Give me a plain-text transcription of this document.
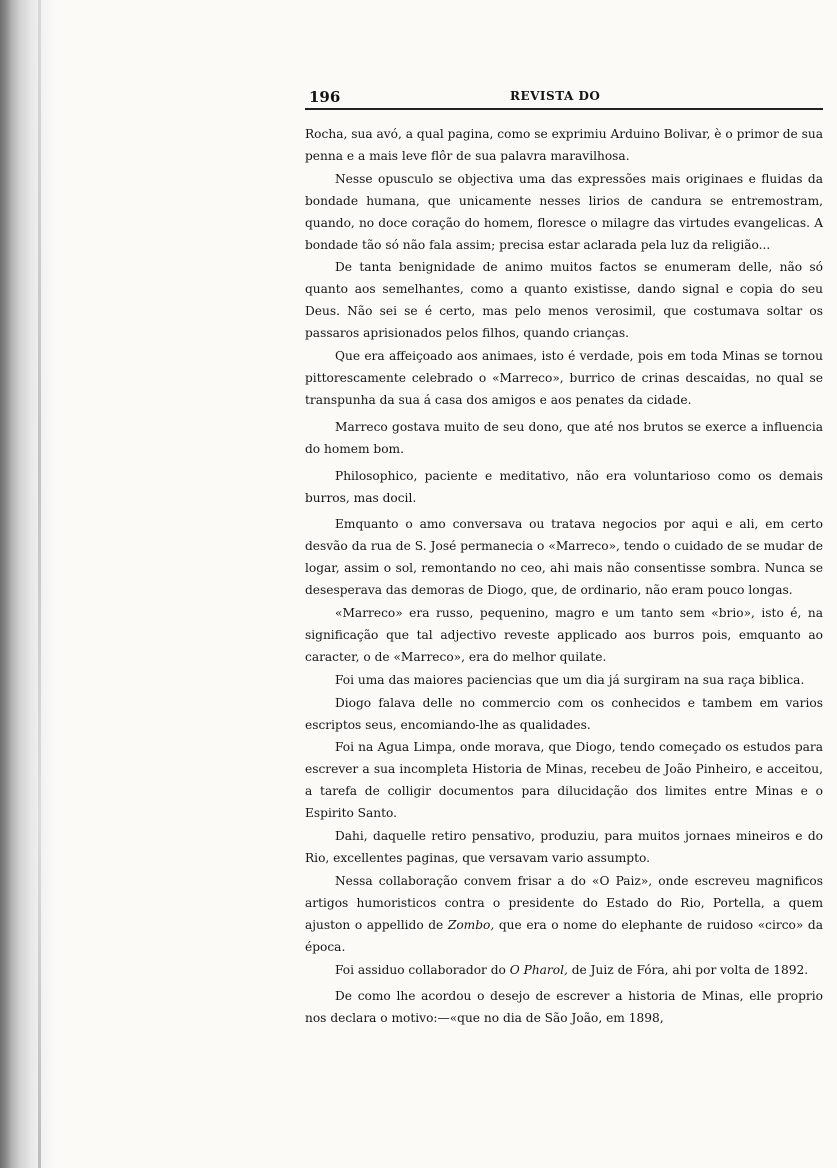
196	REVISTA DO

Rocha, sua avó, a qual pagina, como se exprimiu Arduino Bolivar, è o primor de sua penna e a mais leve flôr de sua palavra maravilhosa.

Nesse opusculo se objectiva uma das expressões mais originaes e fluidas da bondade humana, que unicamente nesses lirios de candura se entremostram, quando, no doce coração do homem, floresce o milagre das virtudes evangelicas. A bondade tão só não fala assim; precisa estar aclarada pela luz da religião...

De tanta benignidade de animo muitos factos se enumeram delle, não só quanto aos semelhantes, como a quanto existisse, dando signal e copia do seu Deus. Não sei se é certo, mas pelo menos verosimil, que costumava soltar os passaros aprisionados pelos filhos, quando crianças.

Que era affeiçoado aos animaes, isto é verdade, pois em toda Minas se tornou pittorescamente celebrado o «Marreco», burrico de crinas descaidas, no qual se transpunha da sua á casa dos amigos e aos penates da cidade.

Marreco gostava muito de seu dono, que até nos brutos se exerce a influencia do homem bom.

Philosophico, paciente e meditativo, não era voluntarioso como os demais burros, mas docil.

Emquanto o amo conversava ou tratava negocios por aqui e ali, em certo desvão da rua de S. José permanecia o «Marreco», tendo o cuidado de se mudar de logar, assim o sol, remontando no ceo, ahi mais não consentisse sombra. Nunca se desesperava das demoras de Diogo, que, de ordinario, não eram pouco longas.

«Marreco» era russo, pequenino, magro e um tanto sem «brio», isto é, na significação que tal adjectivo reveste applicado aos burros pois, emquanto ao caracter, o de «Marreco», era do melhor quilate.

Foi uma das maiores paciencias que um dia já surgiram na sua raça biblica.

Diogo falava delle no commercio com os conhecidos e tambem em varios escriptos seus, encomiando-lhe as qualidades.

Foi na Agua Limpa, onde morava, que Diogo, tendo começado os estudos para escrever a sua incompleta Historia de Minas, recebeu de João Pinheiro, e acceitou, a tarefa de colligir documentos para dilucidação dos limites entre Minas e o Espirito Santo.

Dahi, daquelle retiro pensativo, produziu, para muitos jornaes mineiros e do Rio, excellentes paginas, que versavam vario assumpto.

Nessa collaboração convem frisar a do «O Paiz», onde escreveu magnificos artigos humoristicos contra o presidente do Estado do Rio, Portella, a quem ajuston o appellido de Zombo, que era o nome do elephante de ruidoso «circo» da época.

Foi assiduo collaborador do O Pharol, de Juiz de Fóra, ahi por volta de 1892.

De como lhe acordou o desejo de escrever a historia de Minas, elle proprio nos declara o motivo:—«que no dia de São João, em 1898,
